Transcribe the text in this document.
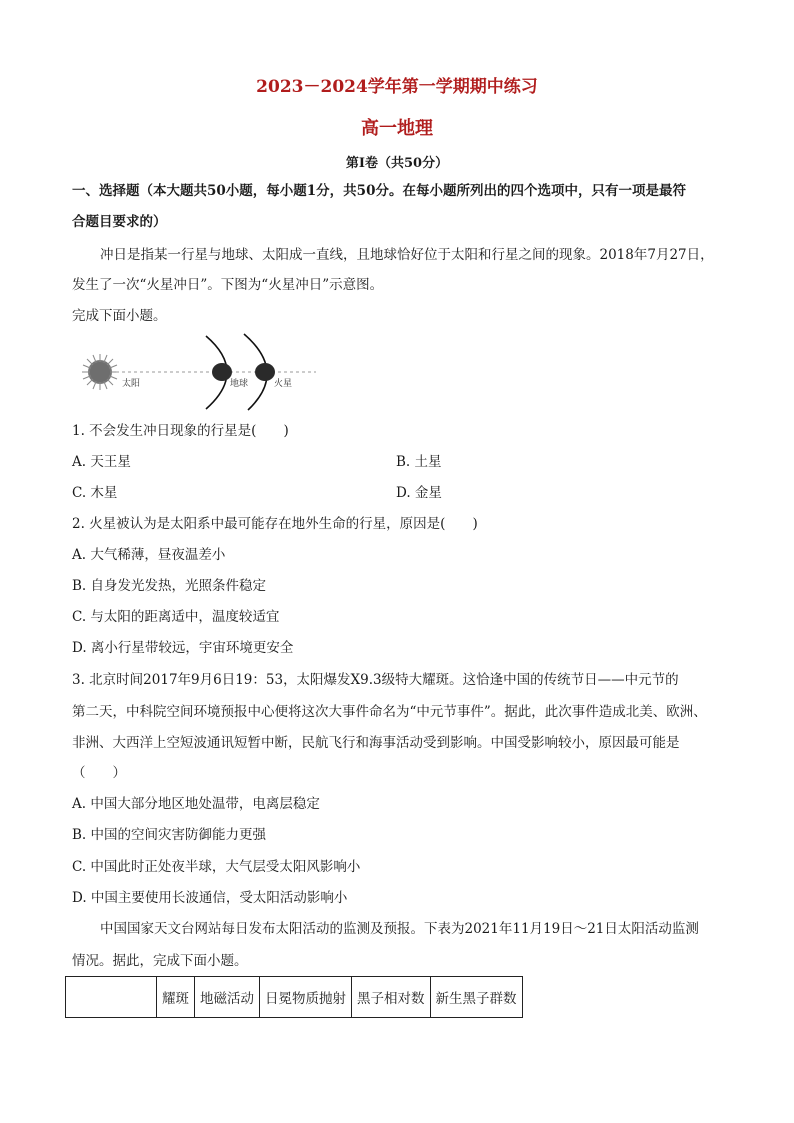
2023－2024学年第一学期期中练习
高一地理
第Ⅰ卷（共50分）
一、选择题（本大题共50小题，每小题1分，共50分。在每小题所列出的四个选项中，只有一项是最符
合题目要求的）
冲日是指某一行星与地球、太阳成一直线，且地球恰好位于太阳和行星之间的现象。2018年7月27日，
发生了一次“火星冲日”。下图为“火星冲日”示意图。
完成下面小题。
太阳	地球	火星
1. 不会发生冲日现象的行星是(　　)
A. 天王星	B. 土星
C. 木星	D. 金星
2. 火星被认为是太阳系中最可能存在地外生命的行星，原因是(　　)
A. 大气稀薄，昼夜温差小
B. 自身发光发热，光照条件稳定
C. 与太阳的距离适中，温度较适宜
D. 离小行星带较远，宇宙环境更安全
3. 北京时间2017年9月6日19：53，太阳爆发X9.3级特大耀斑。这恰逢中国的传统节日——中元节的
第二天，中科院空间环境预报中心便将这次大事件命名为“中元节事件”。据此，此次事件造成北美、欧洲、
非洲、大西洋上空短波通讯短暂中断，民航飞行和海事活动受到影响。中国受影响较小，原因最可能是
（　　）
A. 中国大部分地区地处温带，电离层稳定
B. 中国的空间灾害防御能力更强
C. 中国此时正处夜半球，大气层受太阳风影响小
D. 中国主要使用长波通信，受太阳活动影响小
中国国家天文台网站每日发布太阳活动的监测及预报。下表为2021年11月19日～21日太阳活动监测
情况。据此，完成下面小题。
	耀斑	地磁活动	日冕物质抛射	黑子相对数	新生黑子群数
